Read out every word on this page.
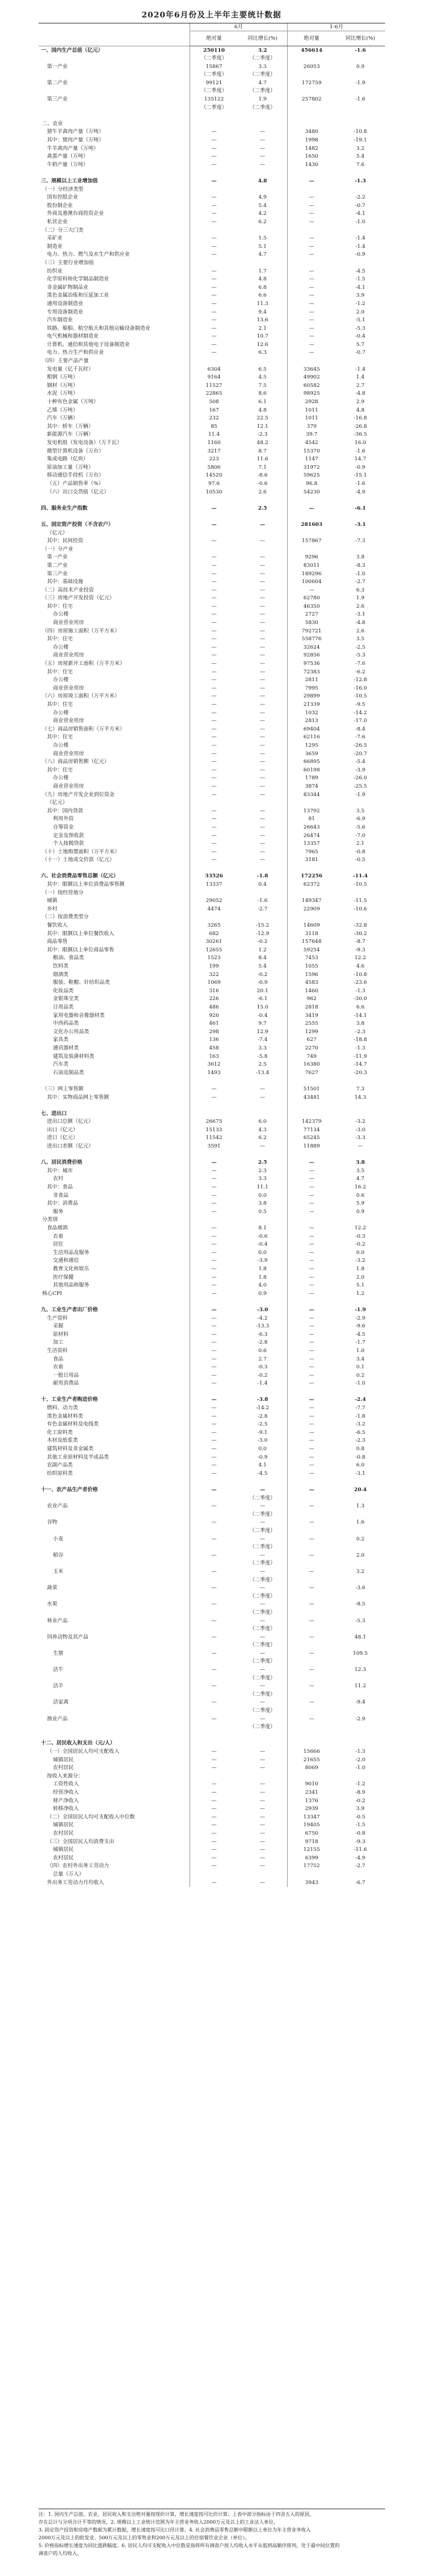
2020年6月份及上半年主要统计数据
	6月		1-6月	
	绝对量	同比增长(%)	绝对量	同比增长(%)
一、国内生产总值（亿元）	250110	3.2	456614	-1.6
	（二季度）	（二季度）		
第一产业	15867	3.3	26053	0.9
	（二季度）	（二季度）		
第二产业	99121	4.7	172759	-1.9
	（二季度）	（二季度）		
第三产业	135122	1.9	257802	-1.6
	（二季度）	（二季度）		

二、农业				
猪牛羊禽肉产量（万吨）	—	—	3480	-10.8
其中：猪肉产量（万吨）	—	—	1998	-19.1
牛羊禽肉产量（万吨）	—	—	1482	3.2
禽蛋产量（万吨）	—	—	1650	5.4
牛奶产量（万吨）	—	—	1430	7.6

三、规模以上工业增加值	—	4.8	—	-1.3
（一）分经济类型				
国有控股企业	—	4.9	—	-2.2
股份制企业	—	5.4	—	-0.7
外商及港澳台商投资企业	—	4.2	—	-4.1
私营企业	—	6.2	—	-1.0
（二）分三大门类				
采矿业	—	1.5	—	-1.4
制造业	—	5.1	—	-1.4
电力、热力、燃气及水生产和供应业	—	4.7	—	-0.9
（三）主要行业增加值				
纺织业	—	1.7	—	-4.5
化学原料和化学制品制造业	—	4.8	—	-1.5
非金属矿物制品业	—	6.8	—	-4.1
黑色金属冶炼和压延加工业	—	6.6	—	3.9
通用设备制造业	—	11.3	—	-1.2
专用设备制造业	—	9.4	—	2.0
汽车制造业	—	13.6	—	-5.1
铁路、船舶、航空航天和其他运输设备制造业	—	2.1	—	-5.3
电气机械和器材制造业	—	10.7	—	-0.4
计算机、通信和其他电子设备制造业	—	12.6	—	5.7
电力、热力生产和供应业	—	6.3	—	-0.7
（四）主要产品产量				
发电量（亿千瓦时）	6304	6.5	33645	-1.4
粗钢（万吨）	9164	4.5	49902	1.4
钢材（万吨）	11527	7.5	60582	2.7
水泥（万吨）	22865	8.6	98925	-4.8
十种有色金属（万吨）	508	6.1	2928	2.9
乙烯（万吨）	167	4.8	1011	4.8
汽车（万辆）	232	22.5	1011	-16.8
其中：轿车（万辆）	85	12.1	379	-26.8
新能源汽车（万辆）	11.4	-2.3	39.7	-36.5
发电机组（发电设备）（万千瓦）	1160	48.2	4542	16.0
微型计算机设备（万台）	3217	8.7	15370	-1.6
集成电路（亿块）	223	11.6	1147	14.7
原油加工量（万吨）	5806	7.1	31972	-0.9
移动通信手持机（万台）	14520	-8.6	59625	-15.1
（五）产品销售率（%）	97.6	-0.6	96.8	-1.6
（六）出口交货值（亿元）	10530	2.6	54230	-4.9

四、服务业生产指数	—	2.5	—	-6.1

五、固定资产投资（不含农户）	—	—	281603	-3.1
（亿元）				
其中：民间投资	—	—	157867	-7.3
（一）分产业				
第一产业	—	—	9296	3.8
第二产业	—	—	83011	-8.3
第三产业	—	—	189296	-1.0
其中：基础设施	—	—	100604	-2.7
（二）高技术产业投资	—	—	—	6.3
（三）房地产开发投资（亿元）	—	—	62780	1.9
其中：住宅	—	—	46350	2.6
办公楼	—	—	2727	-3.1
商业营业用房	—	—	5830	-4.8
（四）房屋施工面积（万平方米）	—	—	792721	2.6
其中：住宅	—	—	558776	3.5
办公楼	—	—	32624	-2.5
商业营业用房	—	—	92856	-5.3
（五）房屋新开工面积（万平方米）	—	—	97536	-7.6
其中：住宅	—	—	72383	-6.2
办公楼	—	—	2811	-12.8
商业营业用房	—	—	7995	-16.0
（六）房屋竣工面积（万平方米）	—	—	29899	-10.5
其中：住宅	—	—	21339	-9.5
办公楼	—	—	1032	-14.2
商业营业用房	—	—	2813	-17.0
（七）商品房销售面积（万平方米）	—	—	69404	-8.4
其中：住宅	—	—	62116	-7.6
办公楼	—	—	1295	-26.5
商业营业用房	—	—	3659	-20.7
（八）商品房销售额（亿元）	—	—	66895	-5.4
其中：住宅	—	—	60198	-3.9
办公楼	—	—	1789	-26.0
商业营业用房	—	—	3874	-25.5
（九）房地产开发企业到位资金	—	—	83344	-1.9
（亿元）				
其中：国内贷款	—	—	13792	3.5
利用外资	—	—	81	-6.9
自筹资金	—	—	26643	-5.6
定金及预收款	—	—	26474	-7.0
个人按揭贷款	—	—	13357	2.1
（十）土地购置面积（万平方米）	—	—	7965	-0.8
（十一）土地成交价款（亿元）	—	—	3181	-0.5

六、社会消费品零售总额（亿元）	33526	-1.8	172256	-11.4
其中：限额以上单位消费品零售额	13337	0.4	62372	-10.5
（一）按经营地分				
城镇	29052	-1.6	149347	-11.5
乡村	4474	-2.7	22909	-10.6
（二）按消费类型分				
餐饮收入	3265	-15.2	14609	-32.8
其中：限额以上单位餐饮收入	682	-12.9	3118	-30.2
商品零售	30261	-0.2	157648	-8.7
其中：限额以上单位商品零售	12655	1.2	59254	-9.3
粮油、食品类	1523	8.4	7453	12.2
饮料类	199	5.4	1055	4.6
烟酒类	322	-0.2	1596	-10.8
服装、鞋帽、针纺织品类	1069	-0.9	4583	-23.6
化妆品类	316	20.1	1460	-1.3
金银珠宝类	226	-6.1	962	-30.0
日用品类	486	15.0	2818	6.6
家用电器和音像器材类	920	-0.4	3419	-14.1
中西药品类	461	9.7	2555	3.8
文化办公用品类	298	12.9	1299	-2.3
家具类	136	-7.4	627	-18.8
通讯器材类	458	3.3	2270	-1.3
建筑及装潢材料类	163	-5.8	749	-11.9
汽车类	3612	2.5	16380	-14.7
石油及制品类	1493	-13.4	7627	-20.3

（三）网上零售额	—	—	51501	7.3
其中：实物商品网上零售额	—	—	43481	14.3

七、进出口				
进出口总额（亿元）	26675	6.0	142379	-3.2
出口（亿元）	15133	4.3	77134	-3.0
进口（亿元）	11542	6.2	65245	-3.3
进出口差额（亿元）	3591	—	11889	—

八、居民消费价格	—	2.5	—	3.8
其中：城市	—	2.3	—	3.5
农村	—	3.3	—	4.7
其中：食品	—	11.1	—	16.2
非食品	—	0.0	—	0.6
其中：消费品	—	3.8	—	5.9
服务	—	0.5	—	0.9
分类别				
食品烟酒	—	8.1	—	12.2
衣着	—	-0.6	—	-0.3
居住	—	-0.4	—	-0.2
生活用品及服务	—	0.0	—	0.0
交通和通信	—	-3.9	—	-3.2
教育文化和娱乐	—	1.8	—	1.8
医疗保健	—	1.8	—	2.0
其他用品和服务	—	4.0	—	5.1
核心CPI	—	0.9	—	1.2

九、工业生产者出厂价格	—	-3.0	—	-1.9
生产资料	—	-4.2	—	-2.9
采掘	—	-13.3	—	-9.6
原材料	—	-6.3	—	-4.5
加工	—	-2.8	—	-1.7
生活资料	—	0.6	—	1.0
食品	—	2.7	—	3.4
衣着	—	-0.3	—	0.1
一般日用品	—	-0.2	—	0.2
耐用消费品	—	-1.4	—	-1.0

十、工业生产者购进价格	—	-3.8	—	-2.4
燃料、动力类	—	-14.2	—	-7.7
黑色金属材料类	—	-2.8	—	-1.8
有色金属材料及电线类	—	-2.5	—	-3.2
化工原料类	—	-9.1	—	-6.5
木材及纸浆类	—	-3.0	—	-2.3
建筑材料及非金属类	—	0.0	—	0.8
其他工业原材料及半成品类	—	-0.9	—	-0.8
农副产品类	—	4.1	—	6.0
纺织原料类	—	-4.5	—	-3.1

十一、农产品生产者价格	—	—	—	20.4
		（二季度）		
农业产品	—	—	—	1.3
		（二季度）		
谷物	—	—	—	1.6
		（二季度）		
小麦	—	—	—	0.2
		（二季度）		
稻谷	—	—	—	2.0
		（二季度）		
玉米	—	—	—	3.2
		（二季度）		
蔬菜	—	—	—	-3.6
		（二季度）		
水果	—	—	—	-8.5
		（二季度）		
林业产品	—	—	—	-5.3
		（二季度）		
饲养动物及其产品	—	—	—	48.1
		（二季度）		
生猪	—	—	—	109.5
		（二季度）		
活牛	—	—	—	12.3
		（二季度）		
活羊	—	—	—	11.2
		（二季度）		
活家禽	—	—	—	-9.4
		（二季度）		
渔业产品	—	—	—	-2.9
		（二季度）		

十二、居民收入和支出（元/人）				
（一）全国居民人均可支配收入	—	—	15666	-1.3
城镇居民	—	—	21655	-2.0
农村居民	—	—	8069	-1.0
按收入来源分：				
工资性收入	—	—	9010	-1.2
经营净收入	—	—	2341	-8.9
财产净收入	—	—	1376	-0.2
转移净收入	—	—	2939	3.9
（二）全国居民人均可支配收入中位数	—	—	13347	-0.5
城镇居民	—	—	19405	-1.5
农村居民	—	—	6750	-0.8
（三）全国居民人均消费支出	—	—	9718	-9.3
城镇居民	—	—	12155	-11.6
农村居民	—	—	6399	-4.9
（四）农村外出务工劳动力	—	—	17752	-2.7
总量（万人）				
外出务工劳动力月均收入	—	—	3943	-6.7

注：1. 国内生产总值、农业、居民收入和支出绝对量按现价计算，增长速度按可比价计算；上表中部分指标由于四舍五入的原因，

存在总计与分项合计不等的情况。2. 规模以上工业统计范围为年主营业务收入2000万元及以上的工业法人单位。

3. 固定资产投资和房地产数据为累计数据，增长速度按可比口径计算。4. 社会消费品零售总额中限额以上单位为年主营业务收入

2000万元及以上的批发业、500万元及以上的零售业和200万元及以上的住宿餐饮业企业（单位）。

5. 价格指标增长速度为同比涨跌幅度。6. 居民人均可支配收入中位数是指将所有调查户按人均收入水平从低到高顺序排列，处于最中间位置的

调查户的人均收入。
